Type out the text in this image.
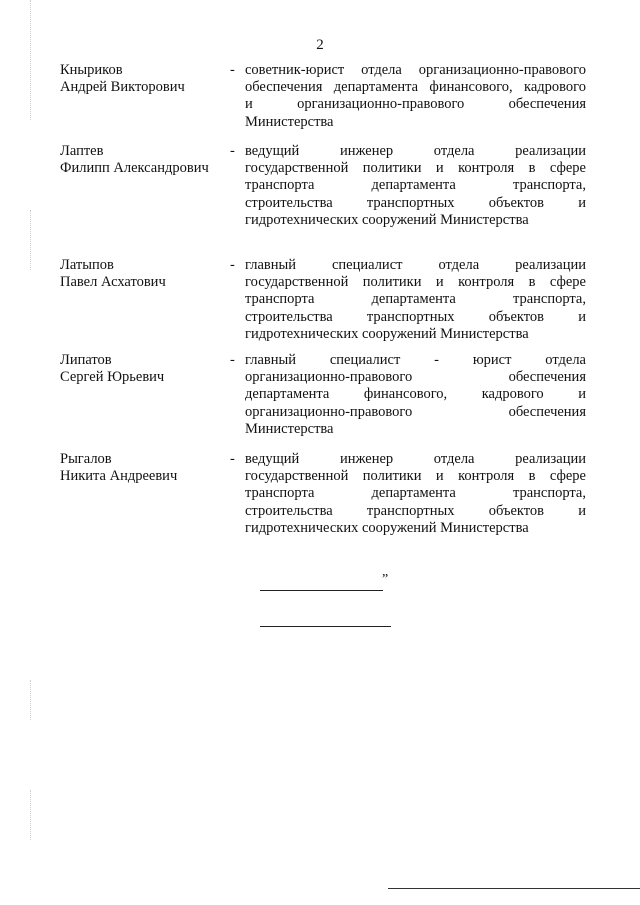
2
Кныриков
Андрей Викторович
- советник-юрист отдела организационно-правового
обеспечения департамента финансового, кадрового
и организационно-правового обеспечения
Министерства
Лаптев
Филипп Александрович
- ведущий инженер отдела реализации
государственной политики и контроля в сфере
транспорта департамента транспорта,
строительства транспортных объектов и
гидротехнических сооружений Министерства
Латыпов
Павел Асхатович
- главный специалист отдела реализации
государственной политики и контроля в сфере
транспорта департамента транспорта,
строительства транспортных объектов и
гидротехнических сооружений Министерства
Липатов
Сергей Юрьевич
- главный специалист - юрист отдела
организационно-правового обеспечения
департамента финансового, кадрового и
организационно-правового обеспечения
Министерства
Рыгалов
Никита Андреевич
- ведущий инженер отдела реализации
государственной политики и контроля в сфере
транспорта департамента транспорта,
строительства транспортных объектов и
гидротехнических сооружений Министерства
”
